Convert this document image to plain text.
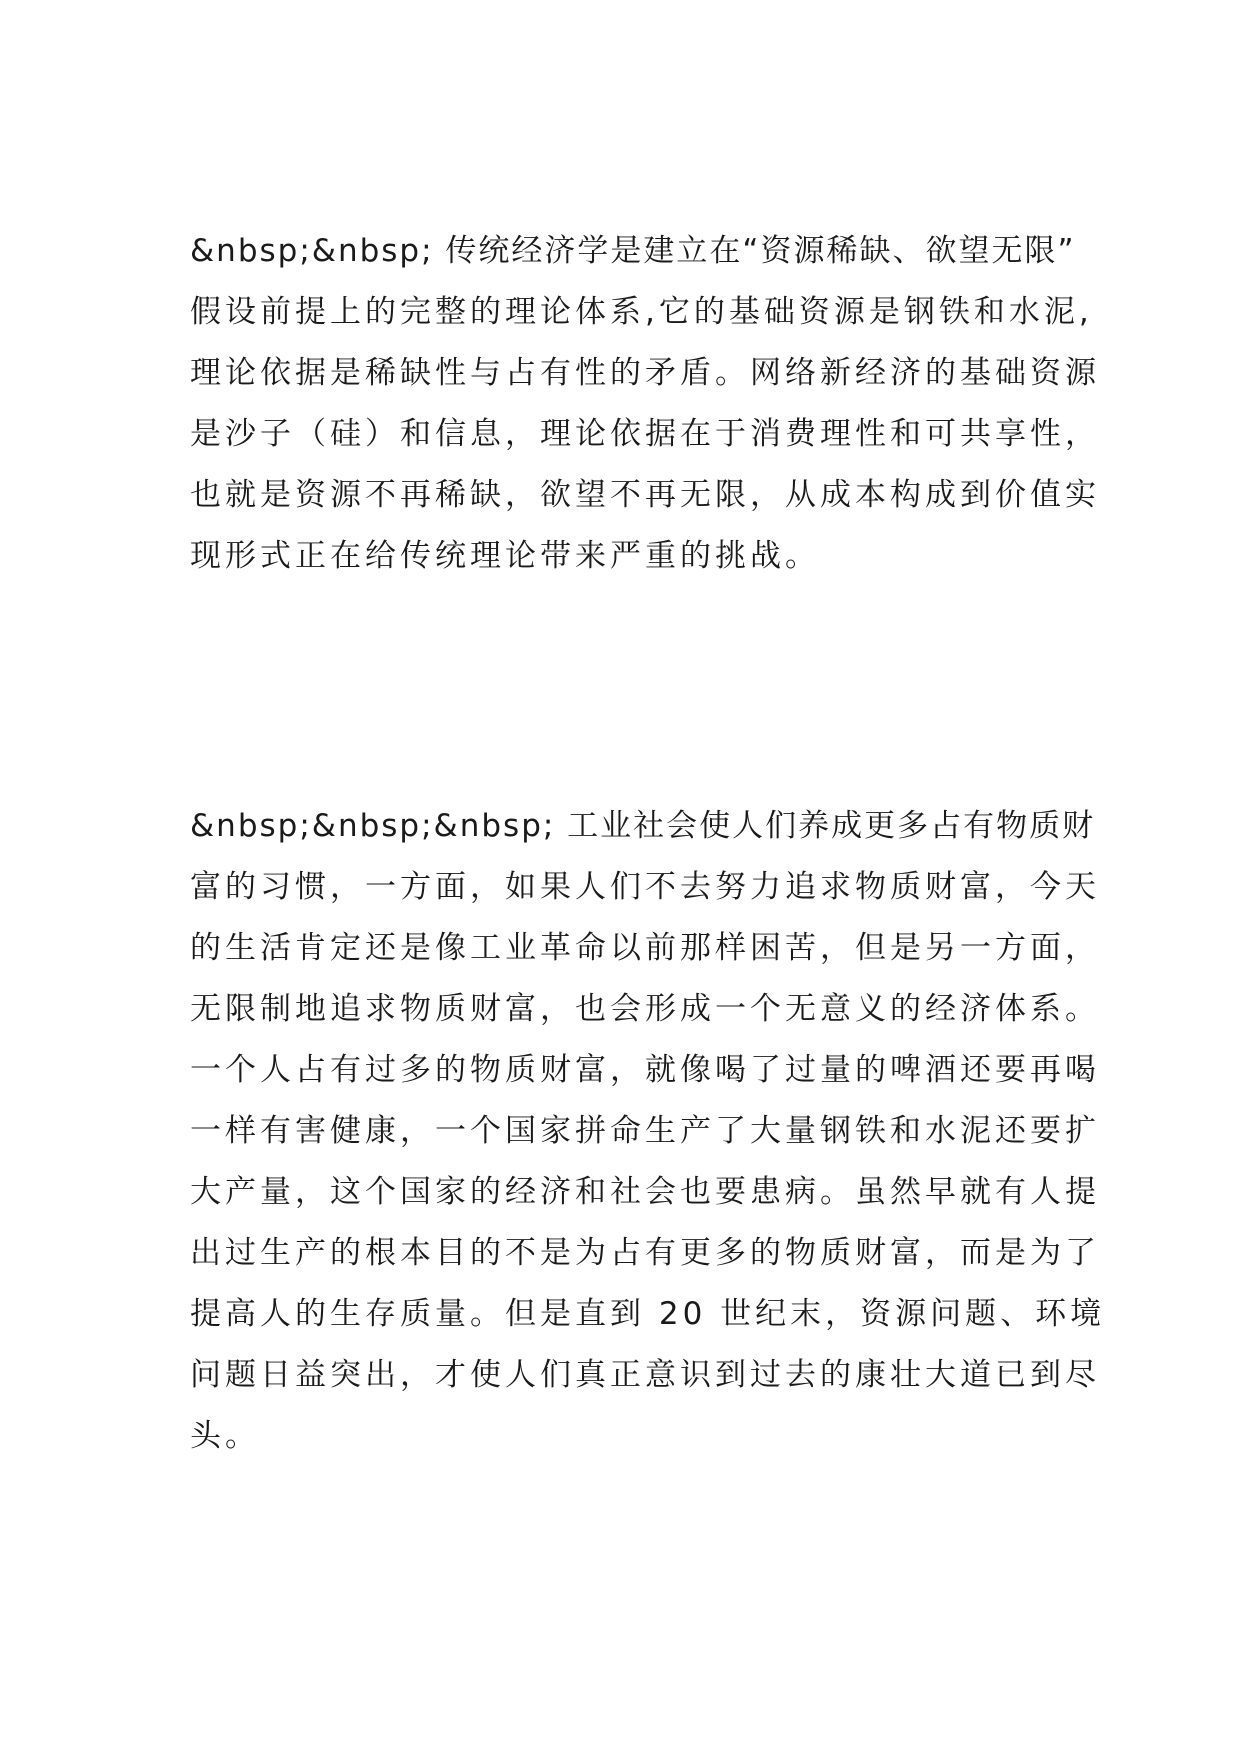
&nbsp;&nbsp; 传统经济学是建立在“资源稀缺、欲望无限”
假设前提上的完整的理论体系,它的基础资源是钢铁和水泥,
理论依据是稀缺性与占有性的矛盾。网络新经济的基础资源
是沙子（硅）和信息，理论依据在于消费理性和可共享性，
也就是资源不再稀缺，欲望不再无限，从成本构成到价值实
现形式正在给传统理论带来严重的挑战。
&nbsp;&nbsp;&nbsp; 工业社会使人们养成更多占有物质财
富的习惯，一方面，如果人们不去努力追求物质财富，今天
的生活肯定还是像工业革命以前那样困苦，但是另一方面，
无限制地追求物质财富，也会形成一个无意义的经济体系。
一个人占有过多的物质财富，就像喝了过量的啤酒还要再喝
一样有害健康，一个国家拼命生产了大量钢铁和水泥还要扩
大产量，这个国家的经济和社会也要患病。虽然早就有人提
出过生产的根本目的不是为占有更多的物质财富，而是为了
提高人的生存质量。但是直到 20 世纪末，资源问题、环境
问题日益突出，才使人们真正意识到过去的康壮大道已到尽
头。
